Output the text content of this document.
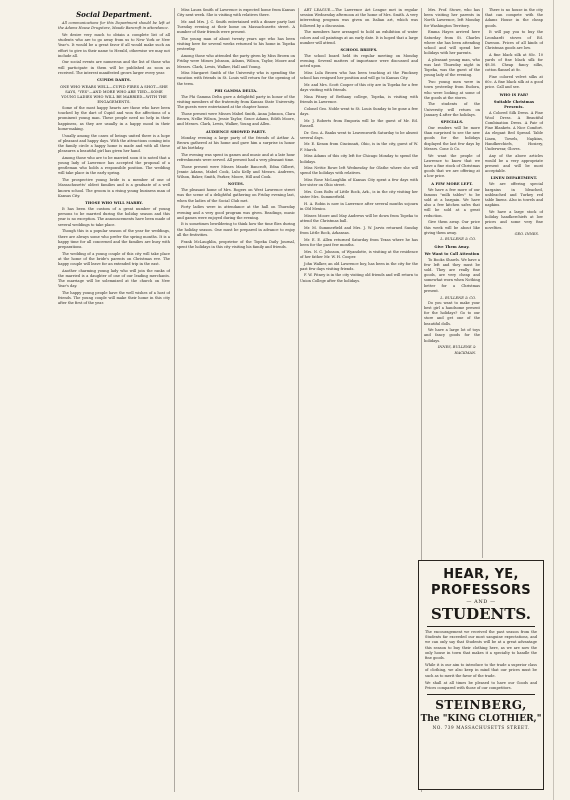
Social Department.

All communications for this Department should be left at the Adams House Drugstore, Maude Bancroft in attendance.

We desire very much to obtain a complete list of all students who are to go away from us to New York or New Year's. It would be a great favor if all would make such an effort to give in their name to Herald, otherwise we may not include all.

Our social events are numerous and the list of those who will participate in them will be published as soon as received. The interest manifested grows larger every year.

CUPIDS DARTS.
ONE WHO WEARS WELL—CUPID FIRES A SHOT—SHE SAYS, "YES"—AND MORE WHO ARE TIED—SOME YOUNG LADIES WHO WILL BE MARRIED—WITH THE ENGAGEMENTS.

Some of the most happy hearts are those who have been touched by the dart of Cupid and won the affections of a prominent young man. These people need no help in their happiness, as they are usually in a happy mood in their home-making.

Usually among the cases of beings united there is a hope of pleasant and happy days. With the attractions coming into the family circle a happy home is made and with all these pleasures a beautiful girl has given her hand.

Among those who are to be married soon it is noted that a young lady of Lawrence has accepted the proposal of a gentleman who holds a responsible position. The wedding will take place in the early spring.

The prospective young bride is a member of one of Massachusetts' oldest families and is a graduate of a well known school. The groom is a rising young business man of Kansas City.

THOSE WHO WILL MARRY.

It has been the custom of a great number of young persons to be married during the holiday season and this year is no exception. The announcements have been made of several weddings to take place.

Though this is a popular season of the year for weddings, there are always some who prefer the spring months. It is a happy time for all concerned and the families are busy with preparations.

The wedding of a young couple of this city will take place at the home of the bride's parents on Christmas eve. The happy couple will leave for an extended trip in the east.

Another charming young lady who will join the ranks of the married is a daughter of one of our leading merchants. The marriage will be solemnized at the church on New Year's day.

The happy young people have the well wishes of a host of friends. The young couple will make their home in this city after the first of the year.

Miss Laura Smith of Lawrence is expected home from Kansas City next week. She is visiting with relatives there.

Mr. and Mrs. J. C. Smith entertained with a dinner party last Tuesday evening at their home on Massachusetts street. A number of their friends were present.

The young man of about twenty years age who has been visiting here for several weeks returned to his home in Topeka yesterday.

Among those who attended the party given by Miss Brown on Friday were Misses Johnson, Adams, Wilson, Taylor, Moore and Messrs. Clark, Lewis, Walker, Hall and Young.

Miss Margaret Smith of the University who is spending the vacation with friends in St. Louis will return for the opening of the term.

PHI GAMMA DELTA.

The Phi Gamma Delta gave a delightful party in honor of the visiting members of the fraternity from Kansas State University. The guests were entertained at the chapter house.

Those present were Misses Mabel Smith, Anna Johnson, Clara Brown, Nellie Wilson, Jessie Taylor, Grace Adams, Edith Moore, and Messrs. Clark, Lewis, Walker, Young and Allen.

AUDIENCE SHOWED PARTY.

Monday evening a large party of the friends of Arthur A. Brown gathered at his home and gave him a surprise in honor of his birthday.

The evening was spent in games and music and at a late hour refreshments were served. All present had a very pleasant time.

Those present were Misses Maude Bancroft, Edna Gilbert, Jennie Adams, Mabel Cook, Lulu Kelly and Messrs. Andrews, Wilson, Baker, Smith, Parker, Moore, Hill and Cook.

NOTES.

The pleasant home of Mrs. Rogers on West Lawrence street was the scene of a delightful gathering on Friday evening last, when the ladies of the Social Club met.

Forty ladies were in attendance at the hall on Thursday evening and a very good program was given. Readings, music and games were enjoyed during the evening.

It is sometimes bewildering to think how the time flies during the holiday season. One must be prepared in advance to enjoy all the festivities.

Frank McLaughlin, proprietor of the Topeka Daily Journal, spent the holidays in this city visiting his family and friends.

ART LEAGUE.—The Lawrence Art League met in regular session Wednesday afternoon at the home of Mrs. Smith. A very interesting program was given on Italian art, which was followed by a discussion.

The members have arranged to hold an exhibition of water colors and oil paintings at an early date. It is hoped that a large number will attend.

SCHOOL BRIEFS.

The school board held its regular meeting on Monday evening. Several matters of importance were discussed and acted upon.

Miss Lula Brown who has been teaching at the Pinckney school has resigned her position and will go to Kansas City.

Mr. and Mrs. Scott Cooper of this city are in Topeka for a few days visiting with friends.

Nina Pitney of Bethany college, Topeka, is visiting with friends in Lawrence.

Colonel Geo. Noble went to St. Louis Sunday to be gone a few days.

Mr. J. Roberts from Emporia will be the guest of Mr. Ed. Russell.

Dr. Geo. A. Banks went to Leavenworth Saturday to be absent several days.

Mr. E. Kenon from Cincinnati, Ohio, is in the city, guest of W. F. March.

Miss Adams of this city left for Chicago Monday to spend the holidays.

Miss Nettie Rowe left Wednesday for Olathe where she will spend the holidays with relatives.

Miss Rose McLaughlin of Kansas City spent a few days with her sister on Ohio street.

Mrs. Cora Bolts of Little Rock, Ark., is in the city visiting her sister Mrs. Summerfield.

H. A. Robin is now in Lawrence after several months sojourn in Old Mexico.

Misses Moore and May Andrews will be down from Topeka to attend the Christmas ball.

Mr. M. Summerfield and Mrs. J. W. Jarvis returned Sunday from Little Rock, Arkansas.

Mr. E. E. Allen returned Saturday from Texas where he has been for the past few months.

Mrs. N. C. Johnson, of Wyandotte, is visiting at the residence of her father Mr. W. H. Cooper.

John Walker, an old Lawrence boy, has been in the city for the past few days visiting friends.

F. W. Pitney is in the city visiting old friends and will return to Union College after the holidays.

Mrs. Prof. Stowe, who has been visiting her parents in North Lawrence, left Monday for Washington Territory.

Emma Hayes arrived here Saturday from St. Charles where she has been attending school and will spend her holidays with her parents.

A pleasant young man, who was last Thursday night in Topeka, was the guest of the young lady of the evening.

Two young men were in town yesterday from Eudora, who were looking at some of the goods at the stores.

The students of the University will return on January 4 after the holidays.

SPECIALS.

Our readers will be more than surprised to see the new goods for the holidays displayed the last few days by Messrs. Cone & Co.

We want the people of Lawrence to know that we have a fine stock of Christmas goods that we are offering at a low price.

A FEW MORE LEFT.

We have a few more of our famous "milk tables" to be sold at a bargain. We have also a few kitchen safes that will be sold at a great reduction.

Give them away. Our price this week will be about like giving them away.

L. BULLENE & CO.
Give Them Away.
We Want to Call Attention

To Books Shawls. We have a few left and they must be sold. They are really fine goods, are very cheap and somewhat worn when Nothing better for a Christmas present.

L. BULLENE & CO.

Do you want to make your best girl a handsome present for the holidays? Go to our store and get one of the beautiful dolls.

We have a large lot of toys and fancy goods for the holidays.

INNES, BULLENE & HACKMAN.

There is no house in the city that can compete with the Adams House in the cheap goods.

It will pay you to buy the Leonhardt stoves of Ed. Dawson. Prices of all kinds of Christmas goods are low.

A fine black silk at 85c. 10 yards of fine black silk for $8.50. Cheap fancy silks, cotton flannel at 8c.

Fine colored velvet silks at 60c. A fine black silk at a good price. Call and see.

WHO IS FAB?
Suitable Christmas Presents.

A Colored Silk Dress. A Fine Wool Dress. A Beautiful Combination Dress. A Pair of Fine Blankets. A Nice Comfort. An elegant Bed Spread. Table Linen, Towels, Napkins, Handkerchiefs, Hosiery, Underwear, Gloves.

Any of the above articles would be a very appropriate present and will be most acceptable.

LINEN DEPARTMENT.

We are offering special bargains in bleached, unbleached and Turkey red table linens. Also in towels and napkins.

We have a large stock of holiday handkerchiefs at low prices and some very fine novelties.

GEO. INNES.
HEAR, YE,
PROFESSORS
— AND —
STUDENTS.
The encouragement we received the past season from the Students far exceeded our most sanguine expectations, and we can only say that Students will be at a great advantage this season to buy their clothing here, as we are now the only house in town that makes it a specialty to handle the fine goods.
While it is our aim to introduce to the trade a superior class of clothing, we also keep in mind that our prices must be such as to merit the favor of the trade.
We shall at all times be pleased to have our Goods and Prices compared with those of our competitors.
STEINBERG,
The "KING CLOTHIER,"
NO. 739 MASSACHUSETTS STREET.
